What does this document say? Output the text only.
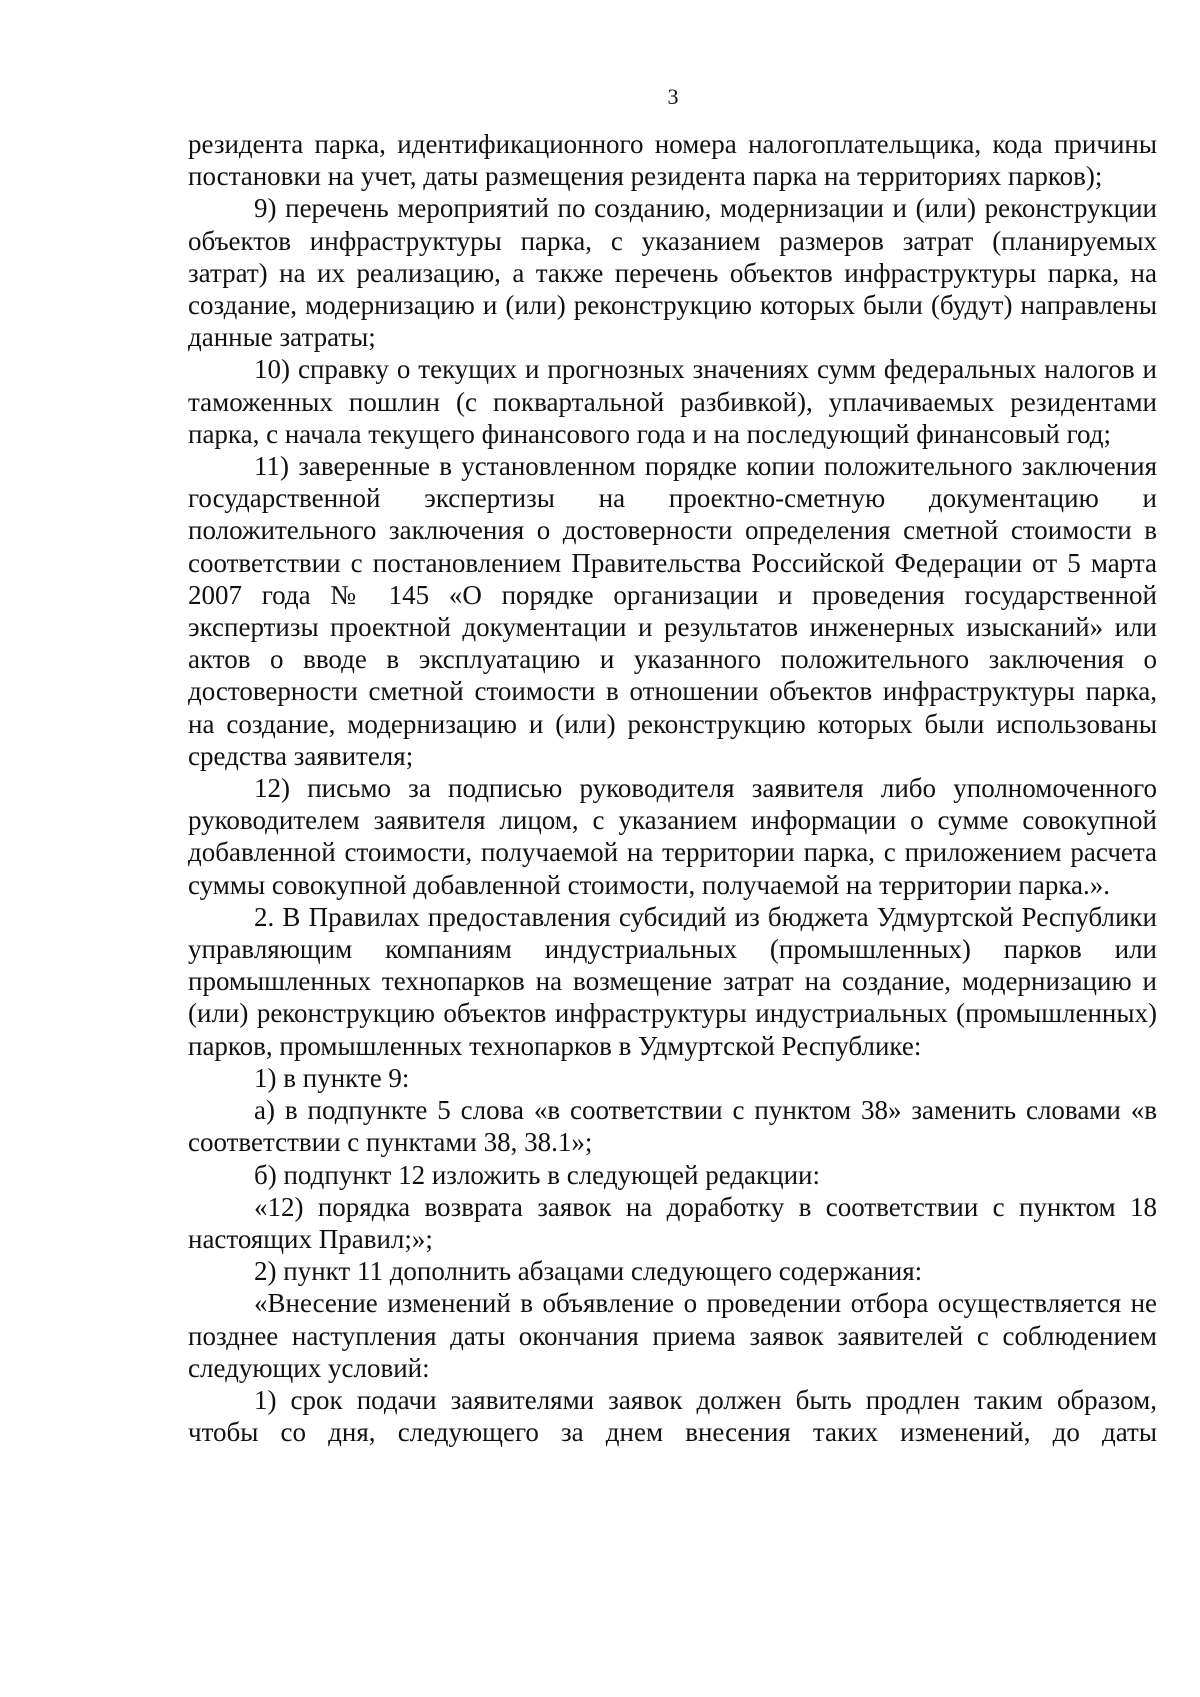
3

резидента парка, идентификационного номера налогоплательщика, кода причины постановки на учет, даты размещения резидента парка на территориях парков);

9) перечень мероприятий по созданию, модернизации и (или) реконструкции объектов инфраструктуры парка, с указанием размеров затрат (планируемых затрат) на их реализацию, а также перечень объектов инфраструктуры парка, на создание, модернизацию и (или) реконструкцию которых были (будут) направлены данные затраты;

10) справку о текущих и прогнозных значениях сумм федеральных налогов и таможенных пошлин (с поквартальной разбивкой), уплачиваемых резидентами парка, с начала текущего финансового года и на последующий финансовый год;

11) заверенные в установленном порядке копии положительного заключения государственной экспертизы на проектно-сметную документацию и положительного заключения о достоверности определения сметной стоимости в соответствии с постановлением Правительства Российской Федерации от 5 марта 2007 года № 145 «О порядке организации и проведения государственной экспертизы проектной документации и результатов инженерных изысканий» или актов о вводе в эксплуатацию и указанного положительного заключения о достоверности сметной стоимости в отношении объектов инфраструктуры парка, на создание, модернизацию и (или) реконструкцию которых были использованы средства заявителя;

12) письмо за подписью руководителя заявителя либо уполномоченного руководителем заявителя лицом, с указанием информации о сумме совокупной добавленной стоимости, получаемой на территории парка, с приложением расчета суммы совокупной добавленной стоимости, получаемой на территории парка.».

2. В Правилах предоставления субсидий из бюджета Удмуртской Республики управляющим компаниям индустриальных (промышленных) парков или промышленных технопарков на возмещение затрат на создание, модернизацию и (или) реконструкцию объектов инфраструктуры индустриальных (промышленных) парков, промышленных технопарков в Удмуртской Республике:

1) в пункте 9:

а) в подпункте 5 слова «в соответствии с пунктом 38» заменить словами «в соответствии с пунктами 38, 38.1»;

б) подпункт 12 изложить в следующей редакции:

«12) порядка возврата заявок на доработку в соответствии с пунктом 18 настоящих Правил;»;

2) пункт 11 дополнить абзацами следующего содержания:

«Внесение изменений в объявление о проведении отбора осуществляется не позднее наступления даты окончания приема заявок заявителей с соблюдением следующих условий:

1) срок подачи заявителями заявок должен быть продлен таким образом, чтобы со дня, следующего за днем внесения таких изменений, до даты
